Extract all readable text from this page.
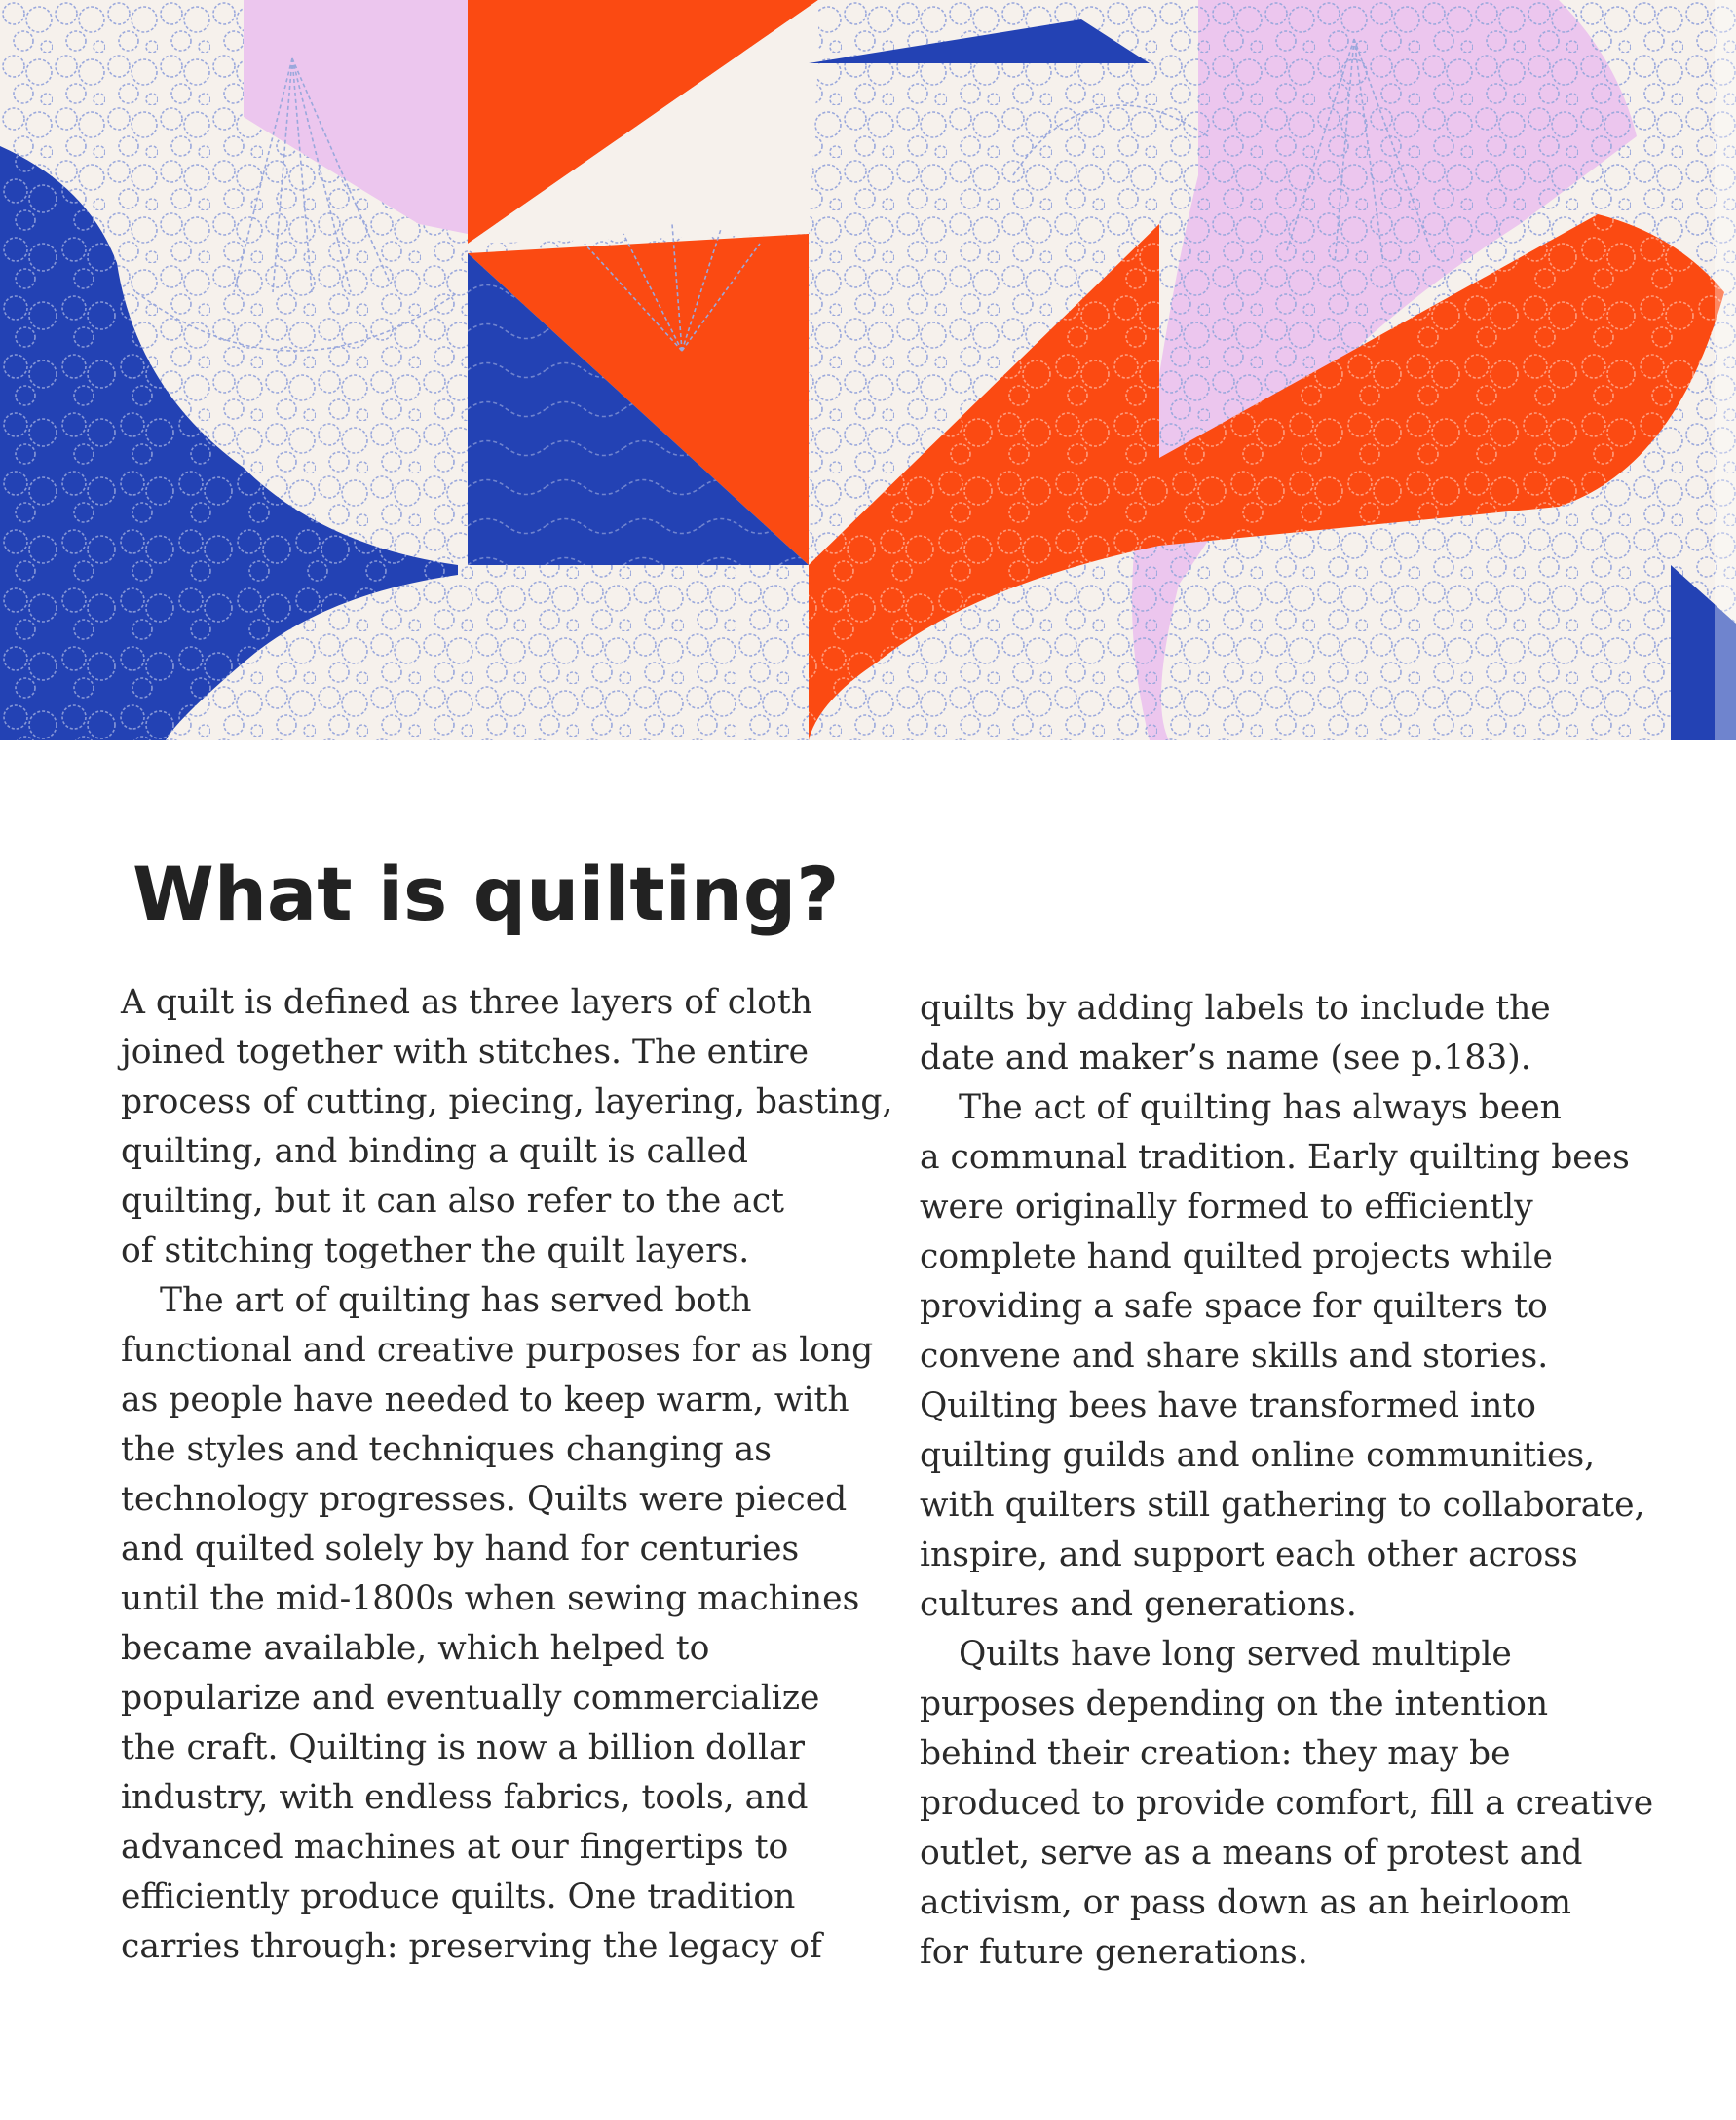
What is quilting?

A quilt is defined as three layers of cloth
joined together with stitches. The entire
process of cutting, piecing, layering, basting,
quilting, and binding a quilt is called
quilting, but it can also refer to the act
of stitching together the quilt layers.

The art of quilting has served both
functional and creative purposes for as long
as people have needed to keep warm, with
the styles and techniques changing as
technology progresses. Quilts were pieced
and quilted solely by hand for centuries
until the mid-1800s when sewing machines
became available, which helped to
popularize and eventually commercialize
the craft. Quilting is now a billion dollar
industry, with endless fabrics, tools, and
advanced machines at our fingertips to
efficiently produce quilts. One tradition
carries through: preserving the legacy of

quilts by adding labels to include the
date and maker’s name (see p.183).

The act of quilting has always been
a communal tradition. Early quilting bees
were originally formed to efficiently
complete hand quilted projects while
providing a safe space for quilters to
convene and share skills and stories.
Quilting bees have transformed into
quilting guilds and online communities,
with quilters still gathering to collaborate,
inspire, and support each other across
cultures and generations.

Quilts have long served multiple
purposes depending on the intention
behind their creation: they may be
produced to provide comfort, fill a creative
outlet, serve as a means of protest and
activism, or pass down as an heirloom
for future generations.
